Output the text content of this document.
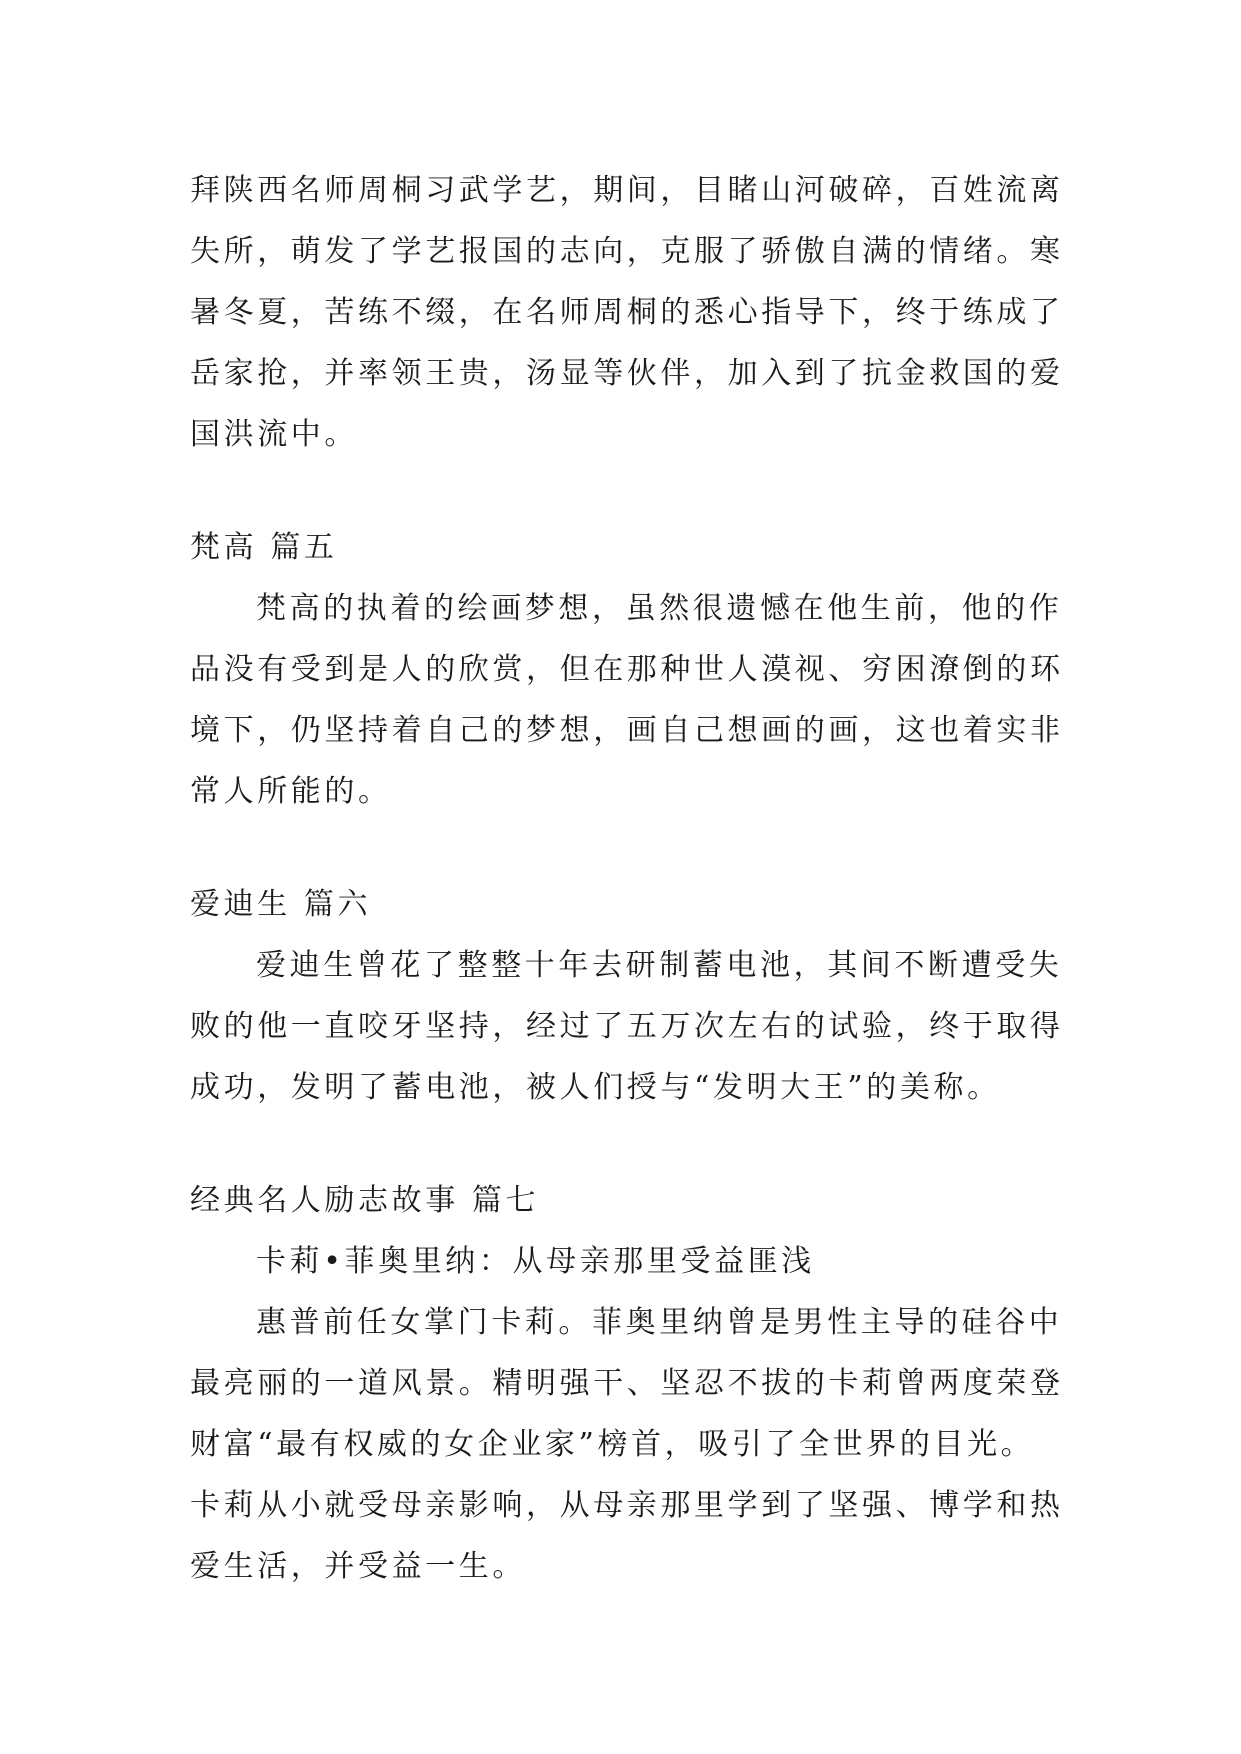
拜陕西名师周桐习武学艺，期间，目睹山河破碎，百姓流离
失所，萌发了学艺报国的志向，克服了骄傲自满的情绪。寒
暑冬夏，苦练不缀，在名师周桐的悉心指导下，终于练成了
岳家抢，并率领王贵，汤显等伙伴，加入到了抗金救国的爱
国洪流中。
梵高 篇五
梵高的执着的绘画梦想，虽然很遗憾在他生前，他的作
品没有受到是人的欣赏，但在那种世人漠视、穷困潦倒的环
境下，仍坚持着自己的梦想，画自己想画的画，这也着实非
常人所能的。
爱迪生 篇六
爱迪生曾花了整整十年去研制蓄电池，其间不断遭受失
败的他一直咬牙坚持，经过了五万次左右的试验，终于取得
成功，发明了蓄电池，被人们授与“发明大王”的美称。
经典名人励志故事 篇七
卡莉•菲奥里纳：从母亲那里受益匪浅
惠普前任女掌门卡莉。菲奥里纳曾是男性主导的硅谷中
最亮丽的一道风景。精明强干、坚忍不拔的卡莉曾两度荣登
财富“最有权威的女企业家”榜首，吸引了全世界的目光。
卡莉从小就受母亲影响，从母亲那里学到了坚强、博学和热
爱生活，并受益一生。
